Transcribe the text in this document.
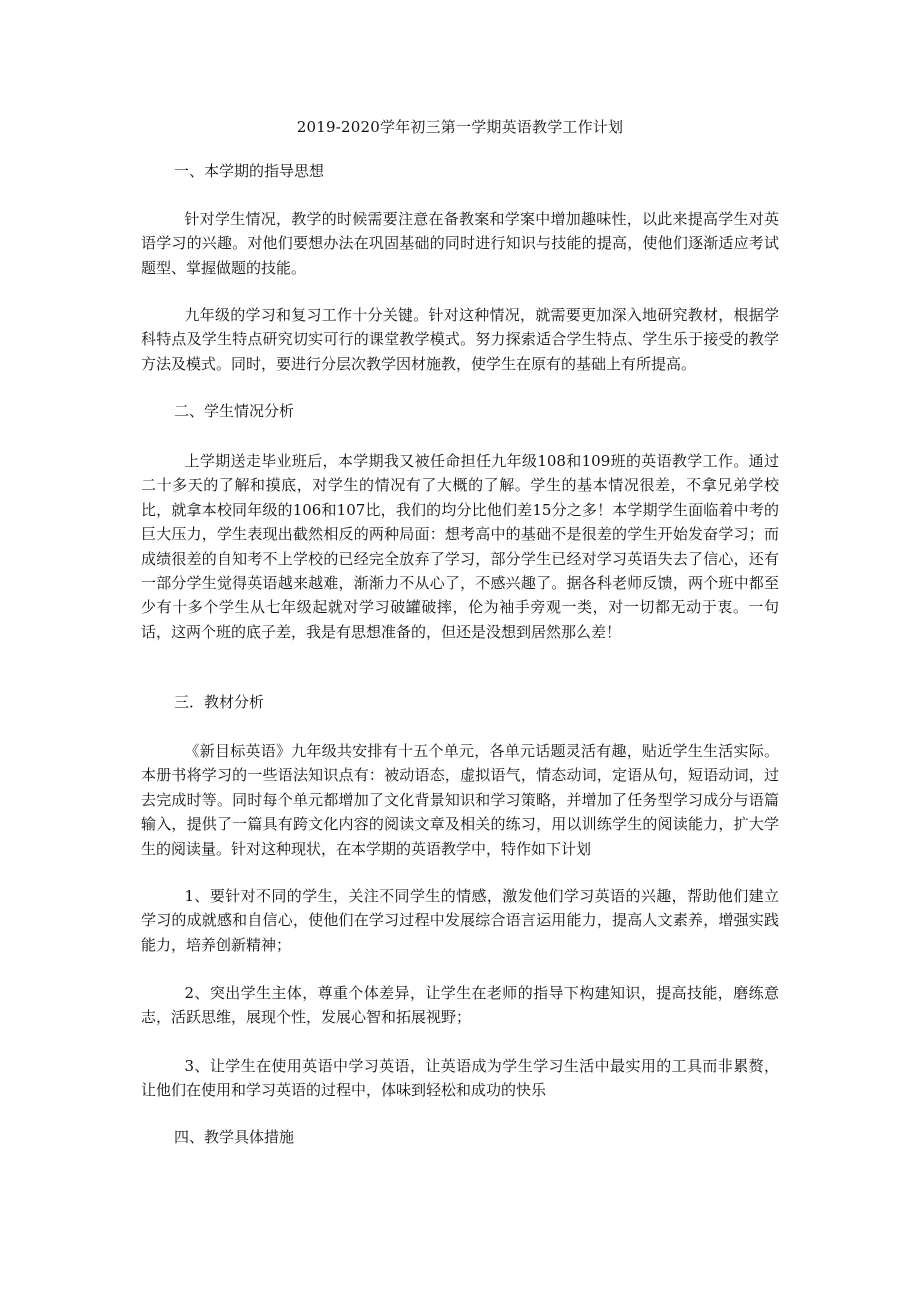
2019-2020学年初三第一学期英语教学工作计划
一、本学期的指导思想
针对学生情况，教学的时候需要注意在备教案和学案中增加趣味性，以此来提高学生对英语学习的兴趣。对他们要想办法在巩固基础的同时进行知识与技能的提高，使他们逐渐适应考试题型、掌握做题的技能。
九年级的学习和复习工作十分关键。针对这种情况，就需要更加深入地研究教材，根据学科特点及学生特点研究切实可行的课堂教学模式。努力探索适合学生特点、学生乐于接受的教学方法及模式。同时，要进行分层次教学因材施教，使学生在原有的基础上有所提高。
二、学生情况分析
上学期送走毕业班后，本学期我又被任命担任九年级108和109班的英语教学工作。通过二十多天的了解和摸底，对学生的情况有了大概的了解。学生的基本情况很差，不拿兄弟学校比，就拿本校同年级的106和107比，我们的均分比他们差15分之多！本学期学生面临着中考的巨大压力，学生表现出截然相反的两种局面：想考高中的基础不是很差的学生开始发奋学习；而成绩很差的自知考不上学校的已经完全放弃了学习，部分学生已经对学习英语失去了信心，还有一部分学生觉得英语越来越难，渐渐力不从心了，不感兴趣了。据各科老师反馈，两个班中都至少有十多个学生从七年级起就对学习破罐破摔，伦为袖手旁观一类，对一切都无动于衷。一句话，这两个班的底子差，我是有思想准备的，但还是没想到居然那么差！
三．教材分析
《新目标英语》九年级共安排有十五个单元，各单元话题灵活有趣，贴近学生生活实际。本册书将学习的一些语法知识点有：被动语态，虚拟语气，情态动词，定语从句，短语动词，过去完成时等。同时每个单元都增加了文化背景知识和学习策略，并增加了任务型学习成分与语篇输入，提供了一篇具有跨文化内容的阅读文章及相关的练习，用以训练学生的阅读能力，扩大学生的阅读量。针对这种现状，在本学期的英语教学中，特作如下计划
1、要针对不同的学生，关注不同学生的情感，激发他们学习英语的兴趣，帮助他们建立学习的成就感和自信心，使他们在学习过程中发展综合语言运用能力，提高人文素养，增强实践能力，培养创新精神；
2、突出学生主体，尊重个体差异，让学生在老师的指导下构建知识，提高技能，磨练意志，活跃思维，展现个性，发展心智和拓展视野；
3、让学生在使用英语中学习英语，让英语成为学生学习生活中最实用的工具而非累赘，让他们在使用和学习英语的过程中，体味到轻松和成功的快乐
四、教学具体措施
